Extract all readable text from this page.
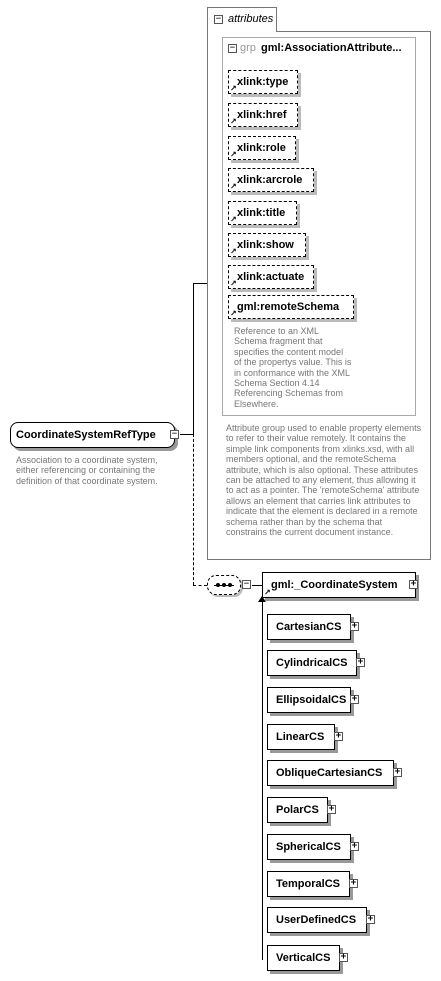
− attributes
− grp gml:AssociationAttribute...
xlink:type
↗
xlink:href
↗
xlink:role
↗
xlink:arcrole
↗
xlink:title
↗
xlink:show
↗
xlink:actuate
↗
gml:remoteSchema
↗
Reference to an XML Schema fragment that specifies the content model of the propertys value. This is in conformance with the XML Schema Section 4.14 Referencing Schemas from Elsewhere.
Attribute group used to enable property elements to refer to their value remotely. It contains the simple link components from xlinks.xsd, with all members optional, and the remoteSchema attribute, which is also optional. These attributes can be attached to any element, thus allowing it to act as a pointer. The 'remoteSchema' attribute allows an element that carries link attributes to indicate that the element is declared in a remote schema rather than by the schema that constrains the current document instance.
CoordinateSystemRefType −
Association to a coordinate system, either referencing or containing the definition of that coordinate system.
−	gml:_CoordinateSystem
↗
+
CartesianCS +
CylindricalCS +
EllipsoidalCS +
LinearCS +
ObliqueCartesianCS +
PolarCS +
SphericalCS +
TemporalCS +
UserDefinedCS +
VerticalCS +
